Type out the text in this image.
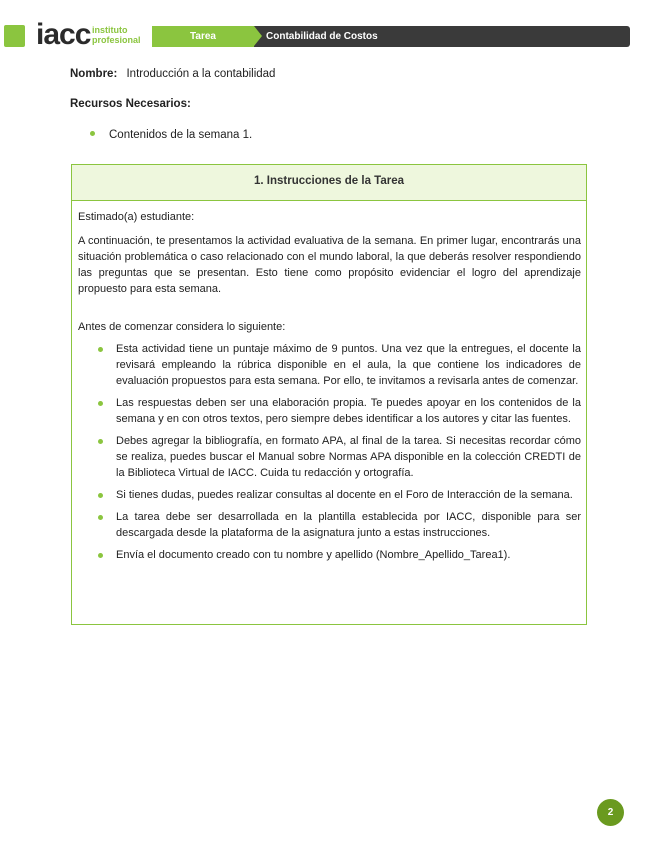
iacc instituto profesional	Tarea	Contabilidad de Costos
Nombre: Introducción a la contabilidad
Recursos Necesarios:
Contenidos de la semana 1.
1. Instrucciones de la Tarea

Estimado(a) estudiante:

A continuación, te presentamos la actividad evaluativa de la semana. En primer lugar, encontrarás una situación problemática o caso relacionado con el mundo laboral, la que deberás resolver respondiendo las preguntas que se presentan. Esto tiene como propósito evidenciar el logro del aprendizaje propuesto para esta semana.

Antes de comenzar considera lo siguiente:

Esta actividad tiene un puntaje máximo de 9 puntos. Una vez que la entregues, el docente la revisará empleando la rúbrica disponible en el aula, la que contiene los indicadores de evaluación propuestos para esta semana. Por ello, te invitamos a revisarla antes de comenzar.
Las respuestas deben ser una elaboración propia. Te puedes apoyar en los contenidos de la semana y en con otros textos, pero siempre debes identificar a los autores y citar las fuentes.
Debes agregar la bibliografía, en formato APA, al final de la tarea. Si necesitas recordar cómo se realiza, puedes buscar el Manual sobre Normas APA disponible en la colección CREDTI de la Biblioteca Virtual de IACC. Cuida tu redacción y ortografía.
Si tienes dudas, puedes realizar consultas al docente en el Foro de Interacción de la semana.
La tarea debe ser desarrollada en la plantilla establecida por IACC, disponible para ser descargada desde la plataforma de la asignatura junto a estas instrucciones.
Envía el documento creado con tu nombre y apellido (Nombre_Apellido_Tarea1).
2
